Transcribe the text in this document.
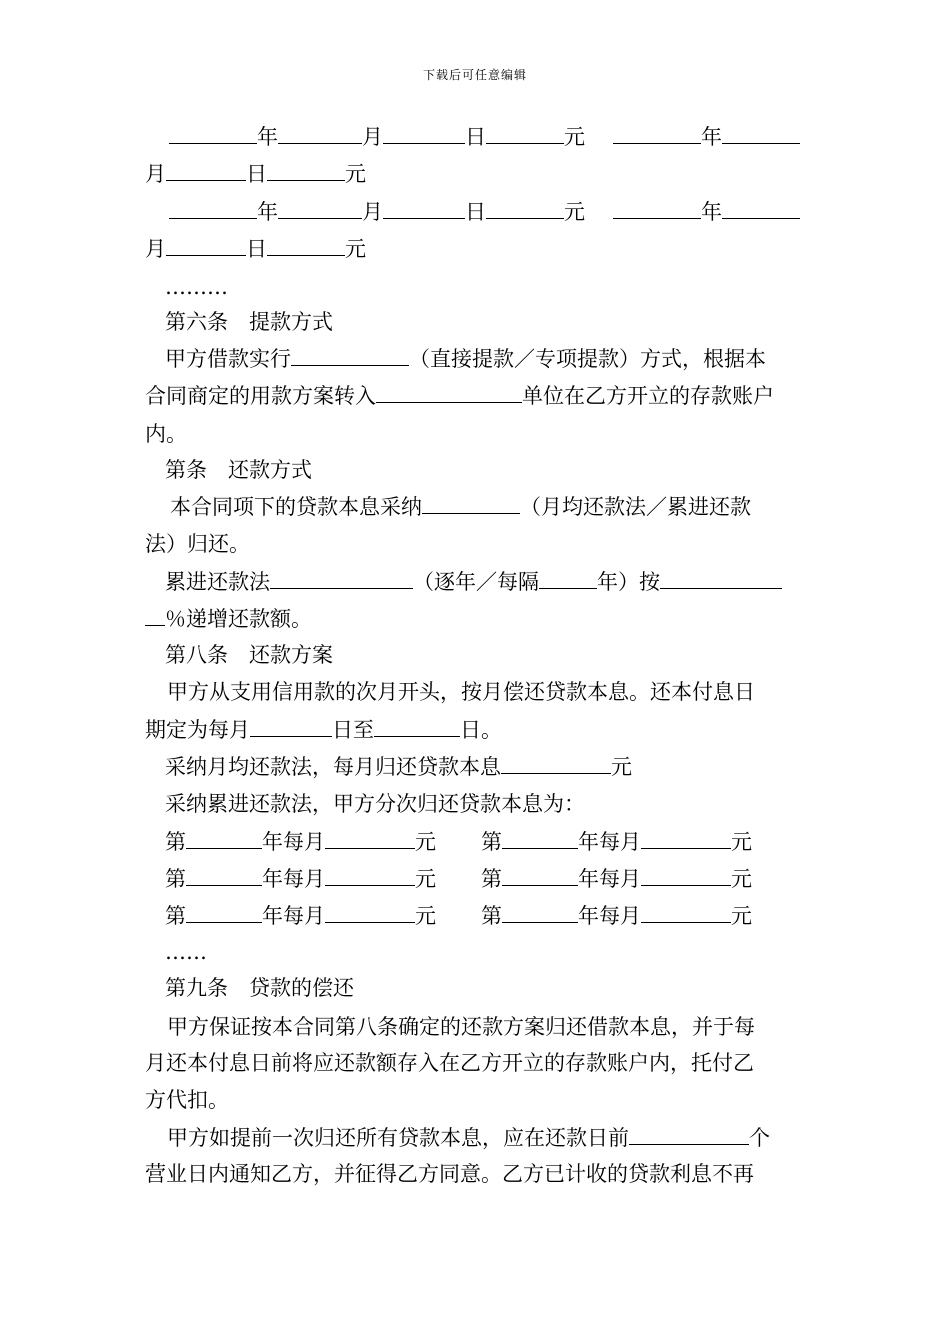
下载后可任意编辑
年	月	日	元	年
月	日	元
年	月	日	元	年
月	日	元
………
第六条　提款方式
甲方借款实行	（直接提款／专项提款）方式，根据本
合同商定的用款方案转入	单位在乙方开立的存款账户
内。
第条　还款方式
本合同项下的贷款本息采纳	（月均还款法／累进还款
法）归还。
累进还款法	（逐年／每隔	年）按
％递增还款额。
第八条　还款方案
甲方从支用信用款的次月开头，按月偿还贷款本息。还本付息日
期定为每月	日至	日。
采纳月均还款法，每月归还贷款本息	元
采纳累进还款法，甲方分次归还贷款本息为：
第	年每月	元 第	年每月	元
第	年每月	元 第	年每月	元
第	年每月	元 第	年每月	元
……
第九条　贷款的偿还
甲方保证按本合同第八条确定的还款方案归还借款本息，并于每
月还本付息日前将应还款额存入在乙方开立的存款账户内，托付乙
方代扣。
甲方如提前一次归还所有贷款本息，应在还款日前	个
营业日内通知乙方，并征得乙方同意。乙方已计收的贷款利息不再
